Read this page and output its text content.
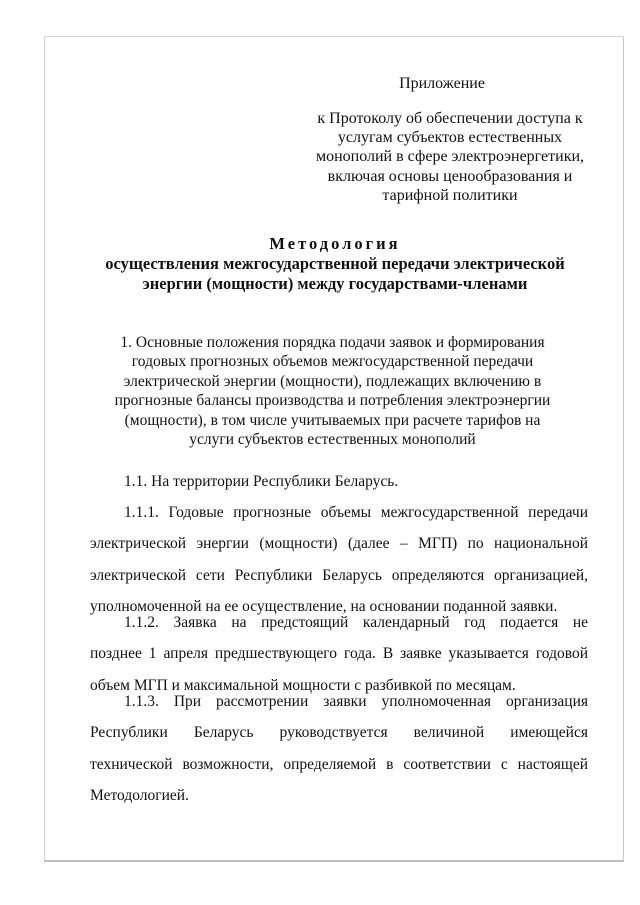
Приложение
к Протоколу об обеспечении доступа к
услугам субъектов естественных
монополий в сфере электроэнергетики,
включая основы ценообразования и
тарифной политики
Методология
осуществления межгосударственной передачи электрической
энергии (мощности) между государствами-членами
1. Основные положения порядка подачи заявок и формирования
годовых прогнозных объемов межгосударственной передачи
электрической энергии (мощности), подлежащих включению в
прогнозные балансы производства и потребления электроэнергии
(мощности), в том числе учитываемых при расчете тарифов на
услуги субъектов естественных монополий
1.1. На территории Республики Беларусь.
1.1.1. Годовые прогнозные объемы межгосударственной передачи
электрической энергии (мощности) (далее – МГП) по национальной
электрической сети Республики Беларусь определяются организацией,
уполномоченной на ее осуществление, на основании поданной заявки.
1.1.2. Заявка на предстоящий календарный год подается не
позднее 1 апреля предшествующего года. В заявке указывается годовой
объем МГП и максимальной мощности с разбивкой по месяцам.
1.1.3. При рассмотрении заявки уполномоченная организация
Республики Беларусь руководствуется величиной имеющейся
технической возможности, определяемой в соответствии с настоящей
Методологией.
